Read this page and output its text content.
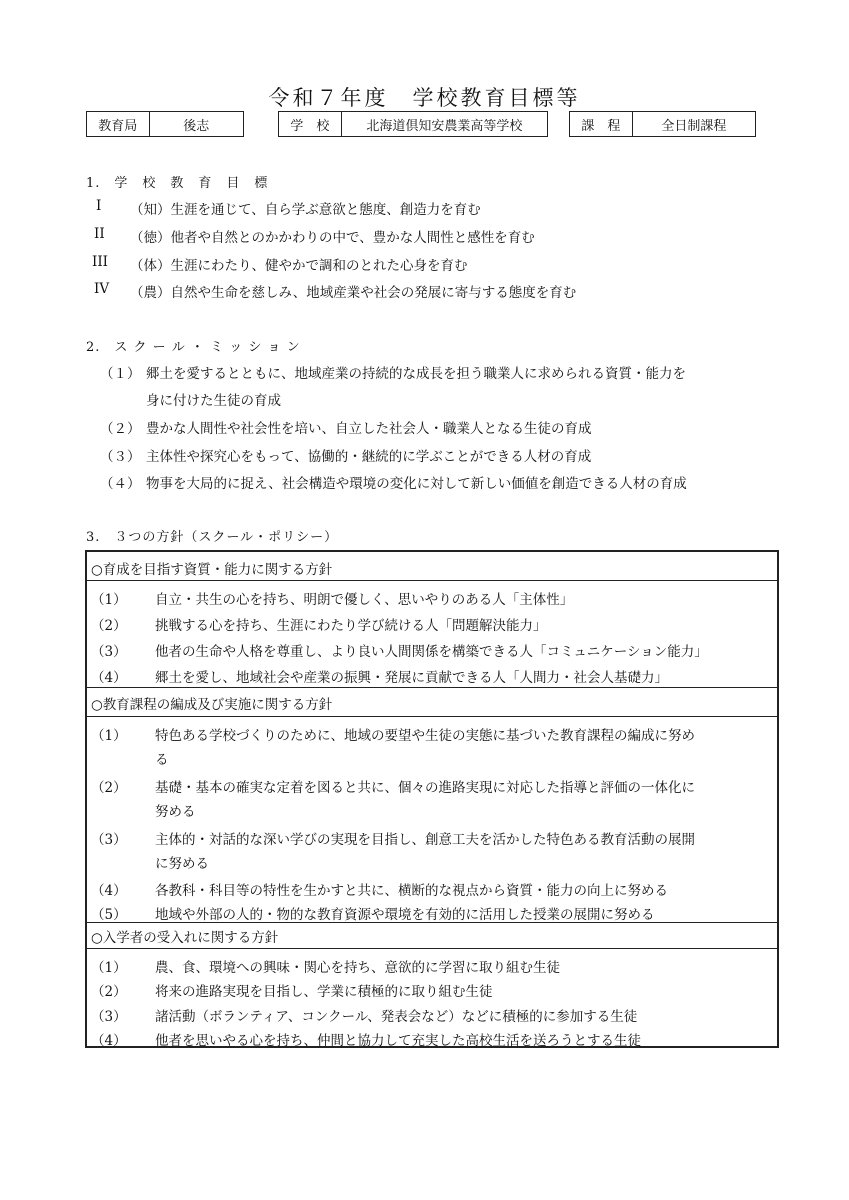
令和７年度　学校教育目標等
教育局	後志	学　校	北海道倶知安農業高等学校	課　程	全日制課程
1.　学　校　教　育　目　標
I （知）生涯を通じて、自ら学ぶ意欲と態度、創造力を育む
II （徳）他者や自然とのかかわりの中で、豊かな人間性と感性を育む
III （体）生涯にわたり、健やかで調和のとれた心身を育む
IV （農）自然や生命を慈しみ、地域産業や社会の発展に寄与する態度を育む
2.　ス ク ー ル ・ ミ ッ シ ョ ン
（１） 郷土を愛するとともに、地域産業の持続的な成長を担う職業人に求められる資質・能力を
身に付けた生徒の育成
（２） 豊かな人間性や社会性を培い、自立した社会人・職業人となる生徒の育成
（３） 主体性や探究心をもって、協働的・継続的に学ぶことができる人材の育成
（４） 物事を大局的に捉え、社会構造や環境の変化に対して新しい価値を創造できる人材の育成
3.　３つの方針（スクール・ポリシー）
○育成を目指す資質・能力に関する方針
（1） 自立・共生の心を持ち、明朗で優しく、思いやりのある人「主体性」
（2） 挑戦する心を持ち、生涯にわたり学び続ける人「問題解決能力」
（3） 他者の生命や人格を尊重し、より良い人間関係を構築できる人「コミュニケーション能力」
（4） 郷土を愛し、地域社会や産業の振興・発展に貢献できる人「人間力・社会人基礎力」
○教育課程の編成及び実施に関する方針
（1） 特色ある学校づくりのために、地域の要望や生徒の実態に基づいた教育課程の編成に努め
る
（2） 基礎・基本の確実な定着を図ると共に、個々の進路実現に対応した指導と評価の一体化に
努める
（3） 主体的・対話的な深い学びの実現を目指し、創意工夫を活かした特色ある教育活動の展開
に努める
（4） 各教科・科目等の特性を生かすと共に、横断的な視点から資質・能力の向上に努める
（5） 地域や外部の人的・物的な教育資源や環境を有効的に活用した授業の展開に努める
○入学者の受入れに関する方針
（1） 農、食、環境への興味・関心を持ち、意欲的に学習に取り組む生徒
（2） 将来の進路実現を目指し、学業に積極的に取り組む生徒
（3） 諸活動（ボランティア、コンクール、発表会など）などに積極的に参加する生徒
（4） 他者を思いやる心を持ち、仲間と協力して充実した高校生活を送ろうとする生徒
